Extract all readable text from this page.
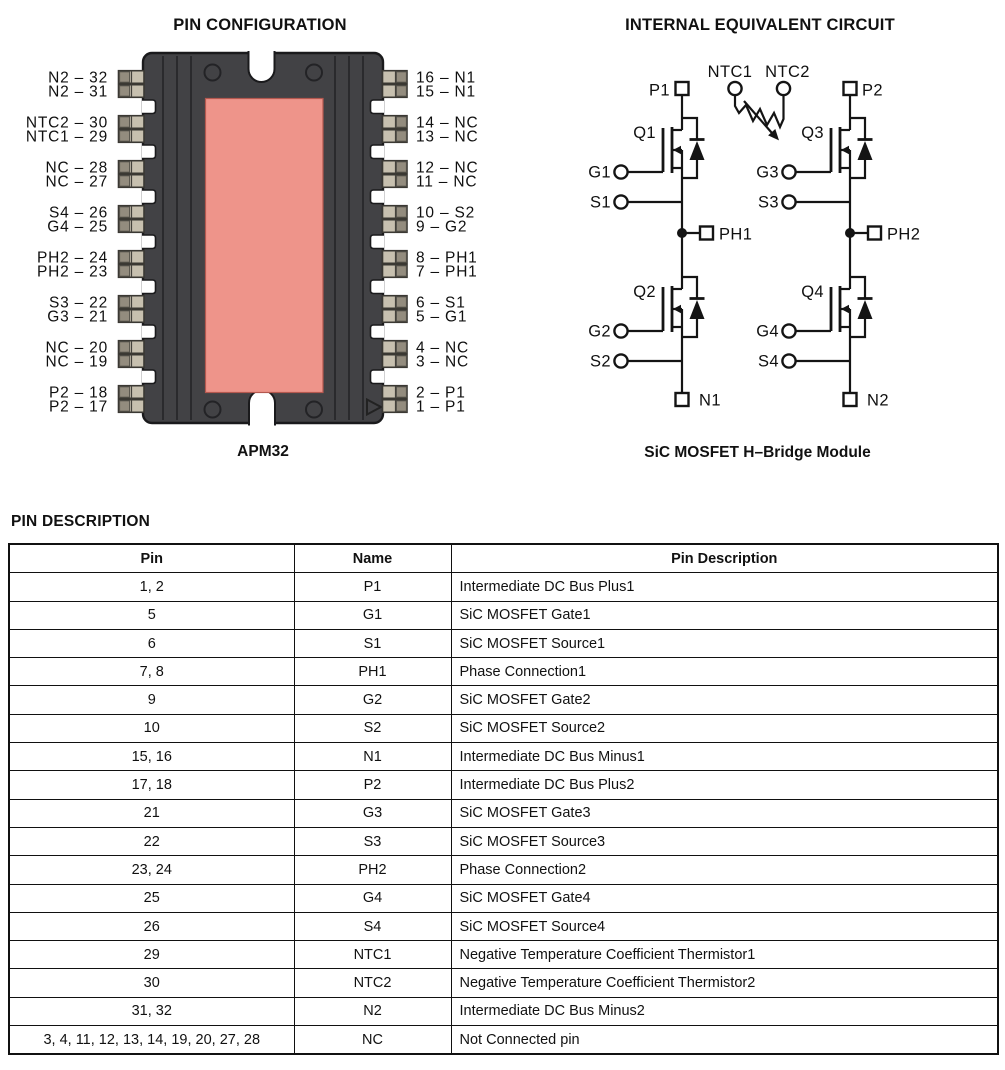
PIN CONFIGURATION	INTERNAL EQUIVALENT CIRCUIT
N2 – 32
N2 – 31
NTC2 – 30
NTC1 – 29
NC – 28
NC – 27
S4 – 26
G4 – 25
PH2 – 24
PH2 – 23
S3 – 22
G3 – 21
NC – 20
NC – 19
P2 – 18
P2 – 17
16 – N1
15 – N1
14 – NC
13 – NC
12 – NC
11 – NC
10 – S2
9 – G2
8 – PH1
7 – PH1
6 – S1
5 – G1
4 – NC
3 – NC
2 – P1
1 – P1
P1
Q1
G1
S1
PH1
Q2
G2
S2
N1
P2
Q3
G3
S3
PH2
Q4
G4
S4
N2
NTC1 NTC2
APM32	SiC MOSFET H–Bridge Module
PIN DESCRIPTION
Pin	Name	Pin Description
1, 2	P1	Intermediate DC Bus Plus1
5	G1	SiC MOSFET Gate1
6	S1	SiC MOSFET Source1
7, 8	PH1	Phase Connection1
9	G2	SiC MOSFET Gate2
10	S2	SiC MOSFET Source2
15, 16	N1	Intermediate DC Bus Minus1
17, 18	P2	Intermediate DC Bus Plus2
21	G3	SiC MOSFET Gate3
22	S3	SiC MOSFET Source3
23, 24	PH2	Phase Connection2
25	G4	SiC MOSFET Gate4
26	S4	SiC MOSFET Source4
29	NTC1	Negative Temperature Coefficient Thermistor1
30	NTC2	Negative Temperature Coefficient Thermistor2
31, 32	N2	Intermediate DC Bus Minus2
3, 4, 11, 12, 13, 14, 19, 20, 27, 28	NC	Not Connected pin
